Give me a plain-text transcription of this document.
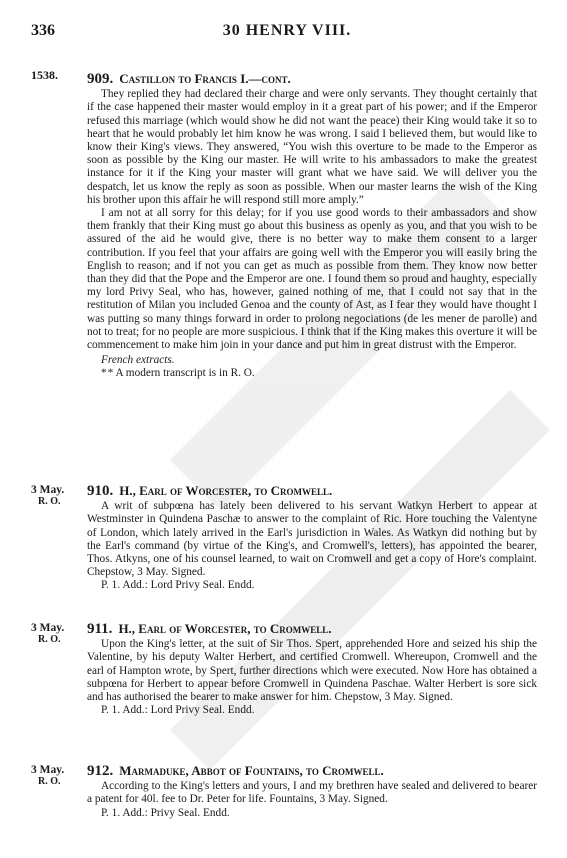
336	30 HENRY VIII.
1538.
3 May.
R. O.
3 May.
R. O.
3 May.
R. O.
909. Castillon to Francis I.—cont.

They replied they had declared their charge and were only servants. They thought certainly that if the case happened their master would employ in it a great part of his power; and if the Emperor refused this marriage (which would show he did not want the peace) their King would take it so to heart that he would probably let him know he was wrong. I said I believed them, but would like to know their King's views. They answered, “You wish this overture to be made to the Emperor as soon as possible by the King our master. He will write to his ambassadors to make the greatest instance for it if the King your master will grant what we have said. We will deliver you the despatch, let us know the reply as soon as possible. When our master learns the wish of the King his brother upon this affair he will respond still more amply.”

I am not at all sorry for this delay; for if you use good words to their ambassadors and show them frankly that their King must go about this business as openly as you, and that you wish to be assured of the aid he would give, there is no better way to make them consent to a larger contribution. If you feel that your affairs are going well with the Emperor you will easily bring the English to reason; and if not you can get as much as possible from them. They know now better than they did that the Pope and the Emperor are one. I found them so proud and haughty, especially my lord Privy Seal, who has, however, gained nothing of me, that I could not say that in the restitution of Milan you included Genoa and the county of Ast, as I fear they would have thought I was putting so many things forward in order to prolong negociations (de les mener de parolle) and not to treat; for no people are more suspicious. I think that if the King makes this overture it will be commencement to make him join in your dance and put him in great distrust with the Emperor.

French extracts.

* * A modern transcript is in R. O.

910. H., Earl of Worcester, to Cromwell.

A writ of subpœna has lately been delivered to his servant Watkyn Herbert to appear at Westminster in Quindena Paschæ to answer to the complaint of Ric. Hore touching the Valentyne of London, which lately arrived in the Earl's jurisdiction in Wales. As Watkyn did nothing but by the Earl's command (by virtue of the King's, and Cromwell's, letters), has appointed the bearer, Thos. Atkyns, one of his counsel learned, to wait on Cromwell and get a copy of Hore's complaint. Chepstow, 3 May. Signed.

P. 1. Add.: Lord Privy Seal. Endd.

911. H., Earl of Worcester, to Cromwell.

Upon the King's letter, at the suit of Sir Thos. Spert, apprehended Hore and seized his ship the Valentine, by his deputy Walter Herbert, and certified Cromwell. Whereupon, Cromwell and the earl of Hampton wrote, by Spert, further directions which were executed. Now Hore has obtained a subpœna for Herbert to appear before Cromwell in Quindena Paschae. Walter Herbert is sore sick and has authorised the bearer to make answer for him. Chepstow, 3 May. Signed.

P. 1. Add.: Lord Privy Seal. Endd.

912. Marmaduke, Abbot of Fountains, to Cromwell.

According to the King's letters and yours, I and my brethren have sealed and delivered to bearer a patent for 40l. fee to Dr. Peter for life. Fountains, 3 May. Signed.

P. 1. Add.: Privy Seal. Endd.
